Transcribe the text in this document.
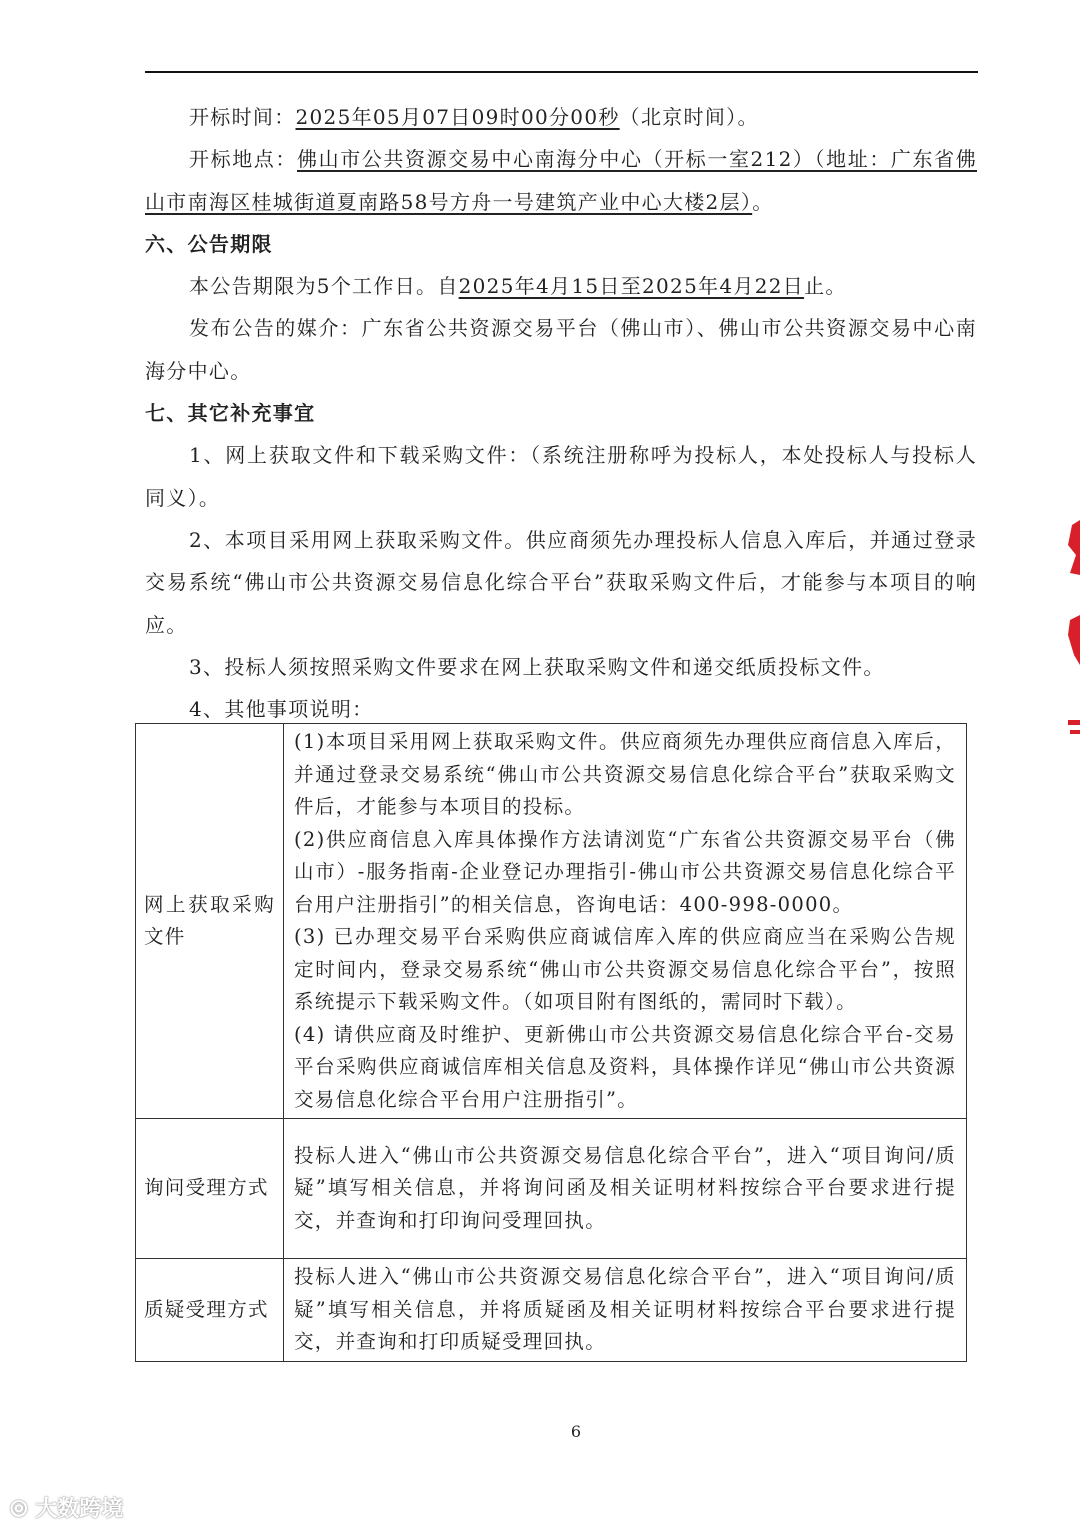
开标时间：2025年05月07日09时00分00秒（北京时间）。

开标地点：佛山市公共资源交易中心南海分中心（开标一室212）（地址：广东省佛山市南海区桂城街道夏南路58号方舟一号建筑产业中心大楼2层）。

六、公告期限

本公告期限为5个工作日。自2025年4月15日至2025年4月22日止。

发布公告的媒介：广东省公共资源交易平台（佛山市）、佛山市公共资源交易中心南海分中心。

七、其它补充事宜

1、网上获取文件和下载采购文件：（系统注册称呼为投标人，本处投标人与投标人同义）。

2、本项目采用网上获取采购文件。供应商须先办理投标人信息入库后，并通过登录交易系统“佛山市公共资源交易信息化综合平台”获取采购文件后，才能参与本项目的响应。

3、投标人须按照采购文件要求在网上获取采购文件和递交纸质投标文件。

4、其他事项说明：

网上获取采购文件	(1)本项目采用网上获取采购文件。供应商须先办理供应商信息入库后，并通过登录交易系统“佛山市公共资源交易信息化综合平台”获取采购文件后，才能参与本项目的投标。
(2)供应商信息入库具体操作方法请浏览“广东省公共资源交易平台（佛山市）-服务指南-企业登记办理指引-佛山市公共资源交易信息化综合平台用户注册指引”的相关信息，咨询电话：400-998-0000。
(3) 已办理交易平台采购供应商诚信库入库的供应商应当在采购公告规定时间内，登录交易系统“佛山市公共资源交易信息化综合平台”，按照系统提示下载采购文件。（如项目附有图纸的，需同时下载）。
(4) 请供应商及时维护、更新佛山市公共资源交易信息化综合平台-交易平台采购供应商诚信库相关信息及资料，具体操作详见“佛山市公共资源交易信息化综合平台用户注册指引”。

询问受理方式	投标人进入“佛山市公共资源交易信息化综合平台”，进入“项目询问/质疑”填写相关信息，并将询问函及相关证明材料按综合平台要求进行提交，并查询和打印询问受理回执。
质疑受理方式	投标人进入“佛山市公共资源交易信息化综合平台”，进入“项目询问/质疑”填写相关信息，并将质疑函及相关证明材料按综合平台要求进行提交，并查询和打印质疑受理回执。
6
⦾ 大数跨境
